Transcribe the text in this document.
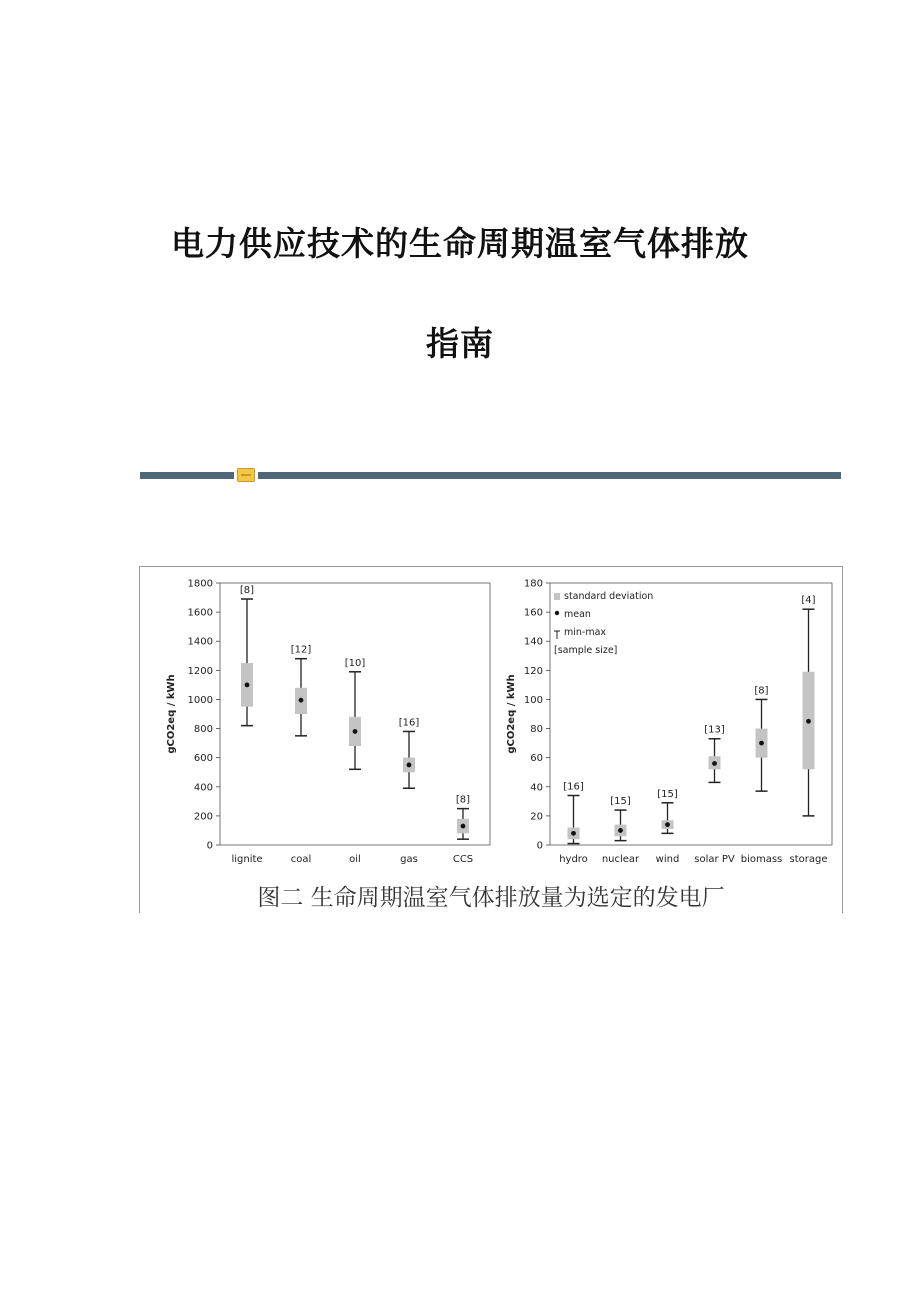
电力供应技术的生命周期温室气体排放
指南
0
200
400
600
800
1000
1200
1400
1600
1800
gCO2eq / kWh
[8]
lignite
[12]
coal
[10]
oil
[16]
gas
[8]
CCS
0
20
40
60
80
100
120
140
160
180
gCO2eq / kWh
[16]
hydro
[15]
nuclear
[15]
wind
[13]
solar PV
[8]
biomass
[4]
storage
standard deviation
mean
min-max
[sample size]
图二 生命周期温室气体排放量为选定的发电厂
